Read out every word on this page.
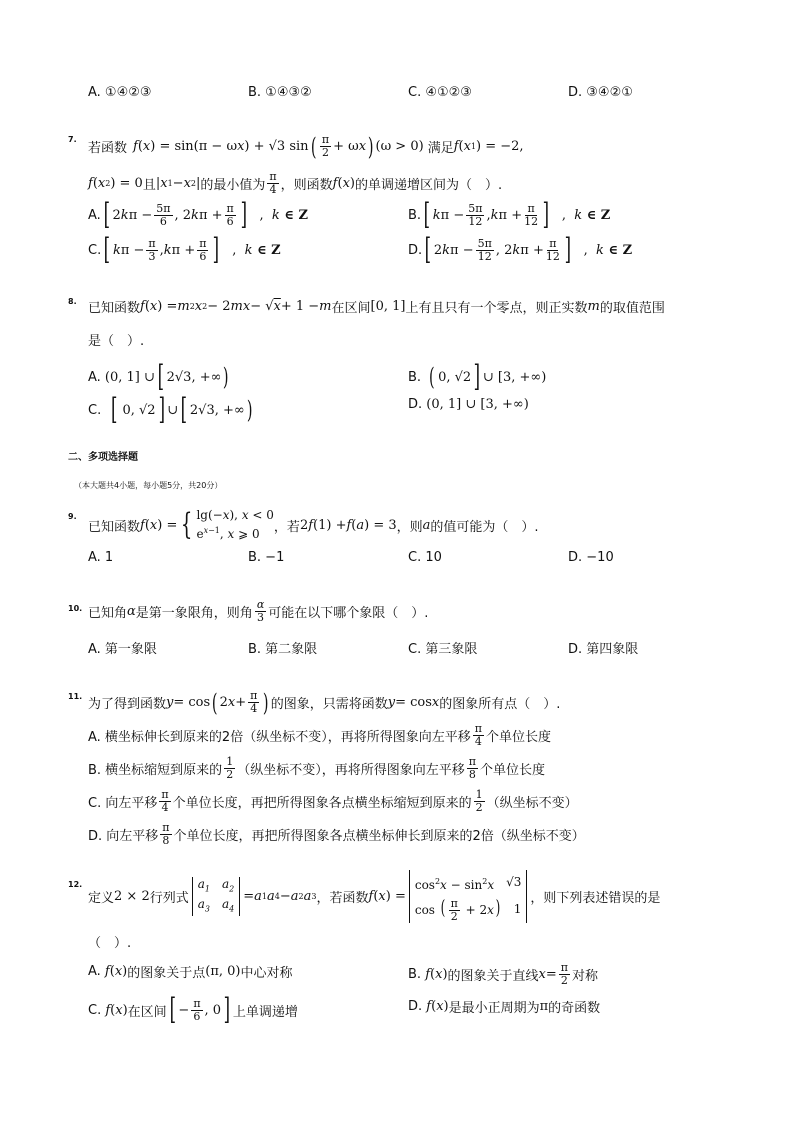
A. ①④②③	B. ①④③②	C. ④①②③	D. ③④②①
7.
若函数 f ( x ) = sin(π − ω x ) + √3 sin ( $\frac{\pi}{2} + \omega$ x ) (ω > 0) 满足 f ( x 1 ) = −2,
f ( x 2 ) = 0 且 | x 1 − x 2 | 的最小值为 $\frac{\pi}{4}$ ，则函数 f ( x ) 的单调递增区间为（　）.
A. [ 2 k $\pi - \frac{5\pi}{6}$ , 2 k $\pi + \frac{\pi}{6}$ ] , k ∈ Z	B. [ k $\pi - \frac{5\pi}{12}$ , k $\pi + \frac{\pi}{12}$ ] , k ∈ Z
C. [ k $\pi - \frac{\pi}{3}$ , k $\pi + \frac{\pi}{6}$ ] , k ∈ Z	D. [ 2 k $\pi - \frac{5\pi}{12}$ , 2 k $\pi + \frac{\pi}{12}$ ] , k ∈ Z
8. 已知函数 f ( x ) = m 2 x 2 − 2 mx − √ x + 1 − m 在区间 [0, 1] 上有且只有一个零点，则正实数 m 的取值范围
是（　）.
A. (0, 1] ∪ [ 2√3, +∞ )	B. ( 0, √2 ] ∪ [3, +∞)
C. [ 0, √2 ] ∪ [ 2√3, +∞ )	D. (0, 1] ∪ [3, +∞)
二、多项选择题
（本大题共4小题，每小题5分，共20分）
9.
已知函数 f ( x ) = { lg(−x), x < 0
$e^{x-1}$, x ⩾ 0	，若 2 f (1) + f ( a ) = 3 ，则 a 的值可能为（　）.
A. 1	B. −1	C. 10	D. −10
10. 已知角 α 是第一象限角，则角 $\frac{\alpha}{3}$ 可能在以下哪个象限（　）.
A. 第一象限	B. 第二象限	C. 第三象限	D. 第四象限
11.
为了得到函数 y = cos ( 2 $x + \frac{\pi}{4}$ ) 的图象，只需将函数 y = cos x 的图象所有点（　）.
A. 横坐标伸长到原来的2倍（纵坐标不变），再将所得图象向左平移 $\frac{\pi}{4}$ 个单位长度
B. 横坐标缩短到原来的 $\frac{1}{2}$ （纵坐标不变），再将所得图象向左平移 $\frac{\pi}{8}$ 个单位长度
C. 向左平移 $\frac{\pi}{4}$ 个单位长度，再把所得图象各点横坐标缩短到原来的 $\frac{1}{2}$ （纵坐标不变）
D. 向左平移 $\frac{\pi}{8}$ 个单位长度，再把所得图象各点横坐标伸长到原来的2倍（纵坐标不变）
12.
定义 2 × 2 行列式
$a_1$ $a_2$
$a_3$ $a_4$
= a 1 a 4 − a 2 a 3 ，若函数 f ( x ) =
$\cos^2x - \sin^2x$ √3
cos ( $\frac{\pi}{2} + 2x$) 1
，则下列表述错误的是
（　）.
A. f ( x ) 的图象关于点 (π, 0) 中心对称	B. f ( x ) 的图象关于直线 $x = \frac{\pi}{2}$ 对称
C. f ( x ) 在区间 [ − $\frac{\pi}{6}$ , 0 ] 上单调递增	D. f ( x ) 是最小正周期为 π 的奇函数
